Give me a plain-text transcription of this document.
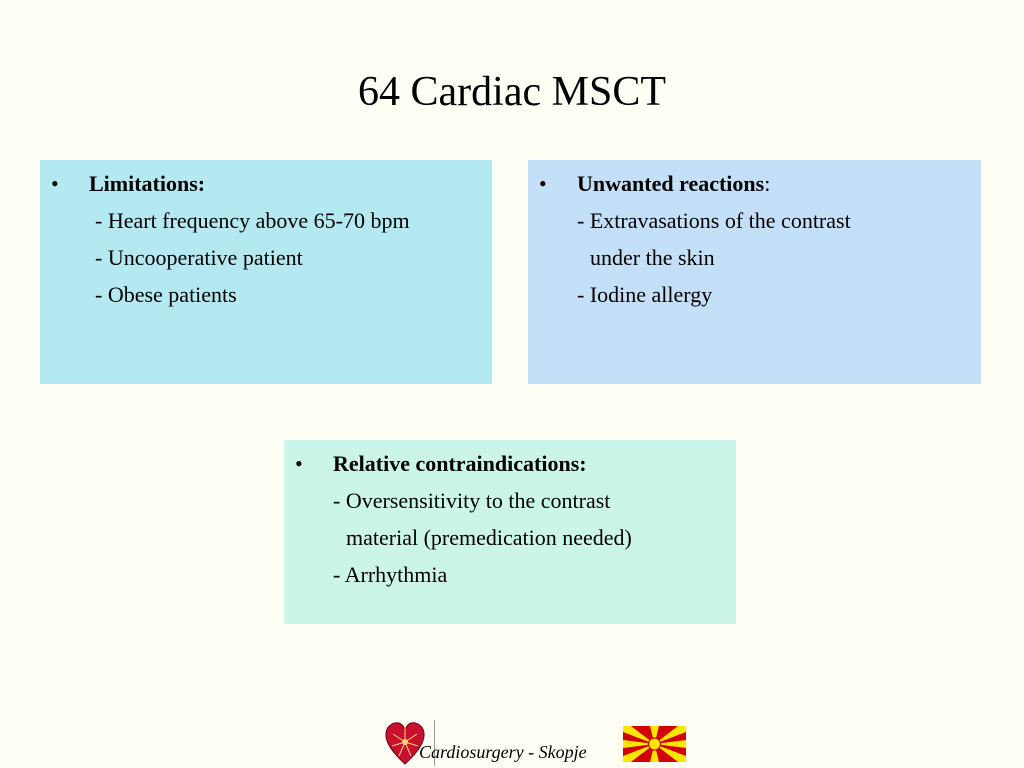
64 Cardiac MSCT
• Limitations:
- Heart frequency above 65-70 bpm
- Uncooperative patient
- Obese patients
• Unwanted reactions:
- Extravasations of the contrast
under the skin
- Iodine allergy
• Relative contraindications:
- Oversensitivity to the contrast
material (premedication needed)
- Arrhythmia
Cardiosurgery - Skopje
